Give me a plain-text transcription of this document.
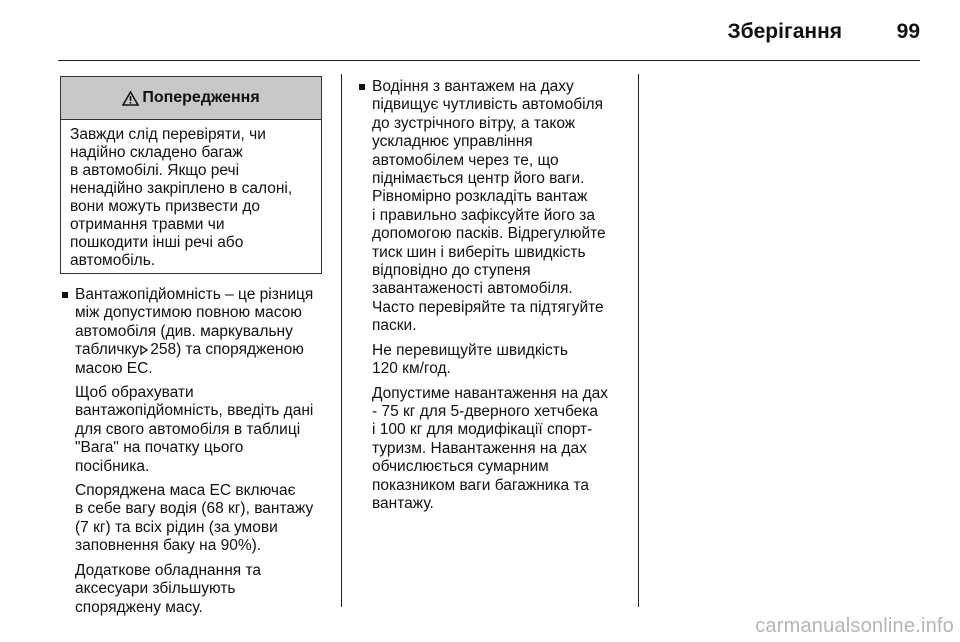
Зберігання	99
Попередження
Завжди слід перевіряти, чи
надійно складено багаж
в автомобілі. Якщо речі
ненадійно закріплено в салоні,
вони можуть призвести до
отримання травми чи
пошкодити інші речі або
автомобіль.
Вантажопідйомність – це різниця
між допустимою повною масою
автомобіля (див. маркувальну
табличку 258) та спорядженою
масою ЕС.
Щоб обрахувати
вантажопідйомність, введіть дані
для свого автомобіля в таблиці
"Вага" на початку цього
посібника.
Споряджена маса ЕС включає
в себе вагу водія (68 кг), вантажу
(7 кг) та всіх рідин (за умови
заповнення баку на 90%).
Додаткове обладнання та
аксесуари збільшують
споряджену масу.
Водіння з вантажем на даху
підвищує чутливість автомобіля
до зустрічного вітру, а також
ускладнює управління
автомобілем через те, що
піднімається центр його ваги.
Рівномірно розкладіть вантаж
і правильно зафіксуйте його за
допомогою пасків. Відрегулюйте
тиск шин і виберіть швидкість
відповідно до ступеня
завантаженості автомобіля.
Часто перевіряйте та підтягуйте
паски.
Не перевищуйте швидкість
120 км/год.
Допустиме навантаження на дах
- 75 кг для 5-дверного хетчбека
і 100 кг для модифікації спорт-
туризм. Навантаження на дах
обчислюється сумарним
показником ваги багажника та
вантажу.
carmanualsonline.info
